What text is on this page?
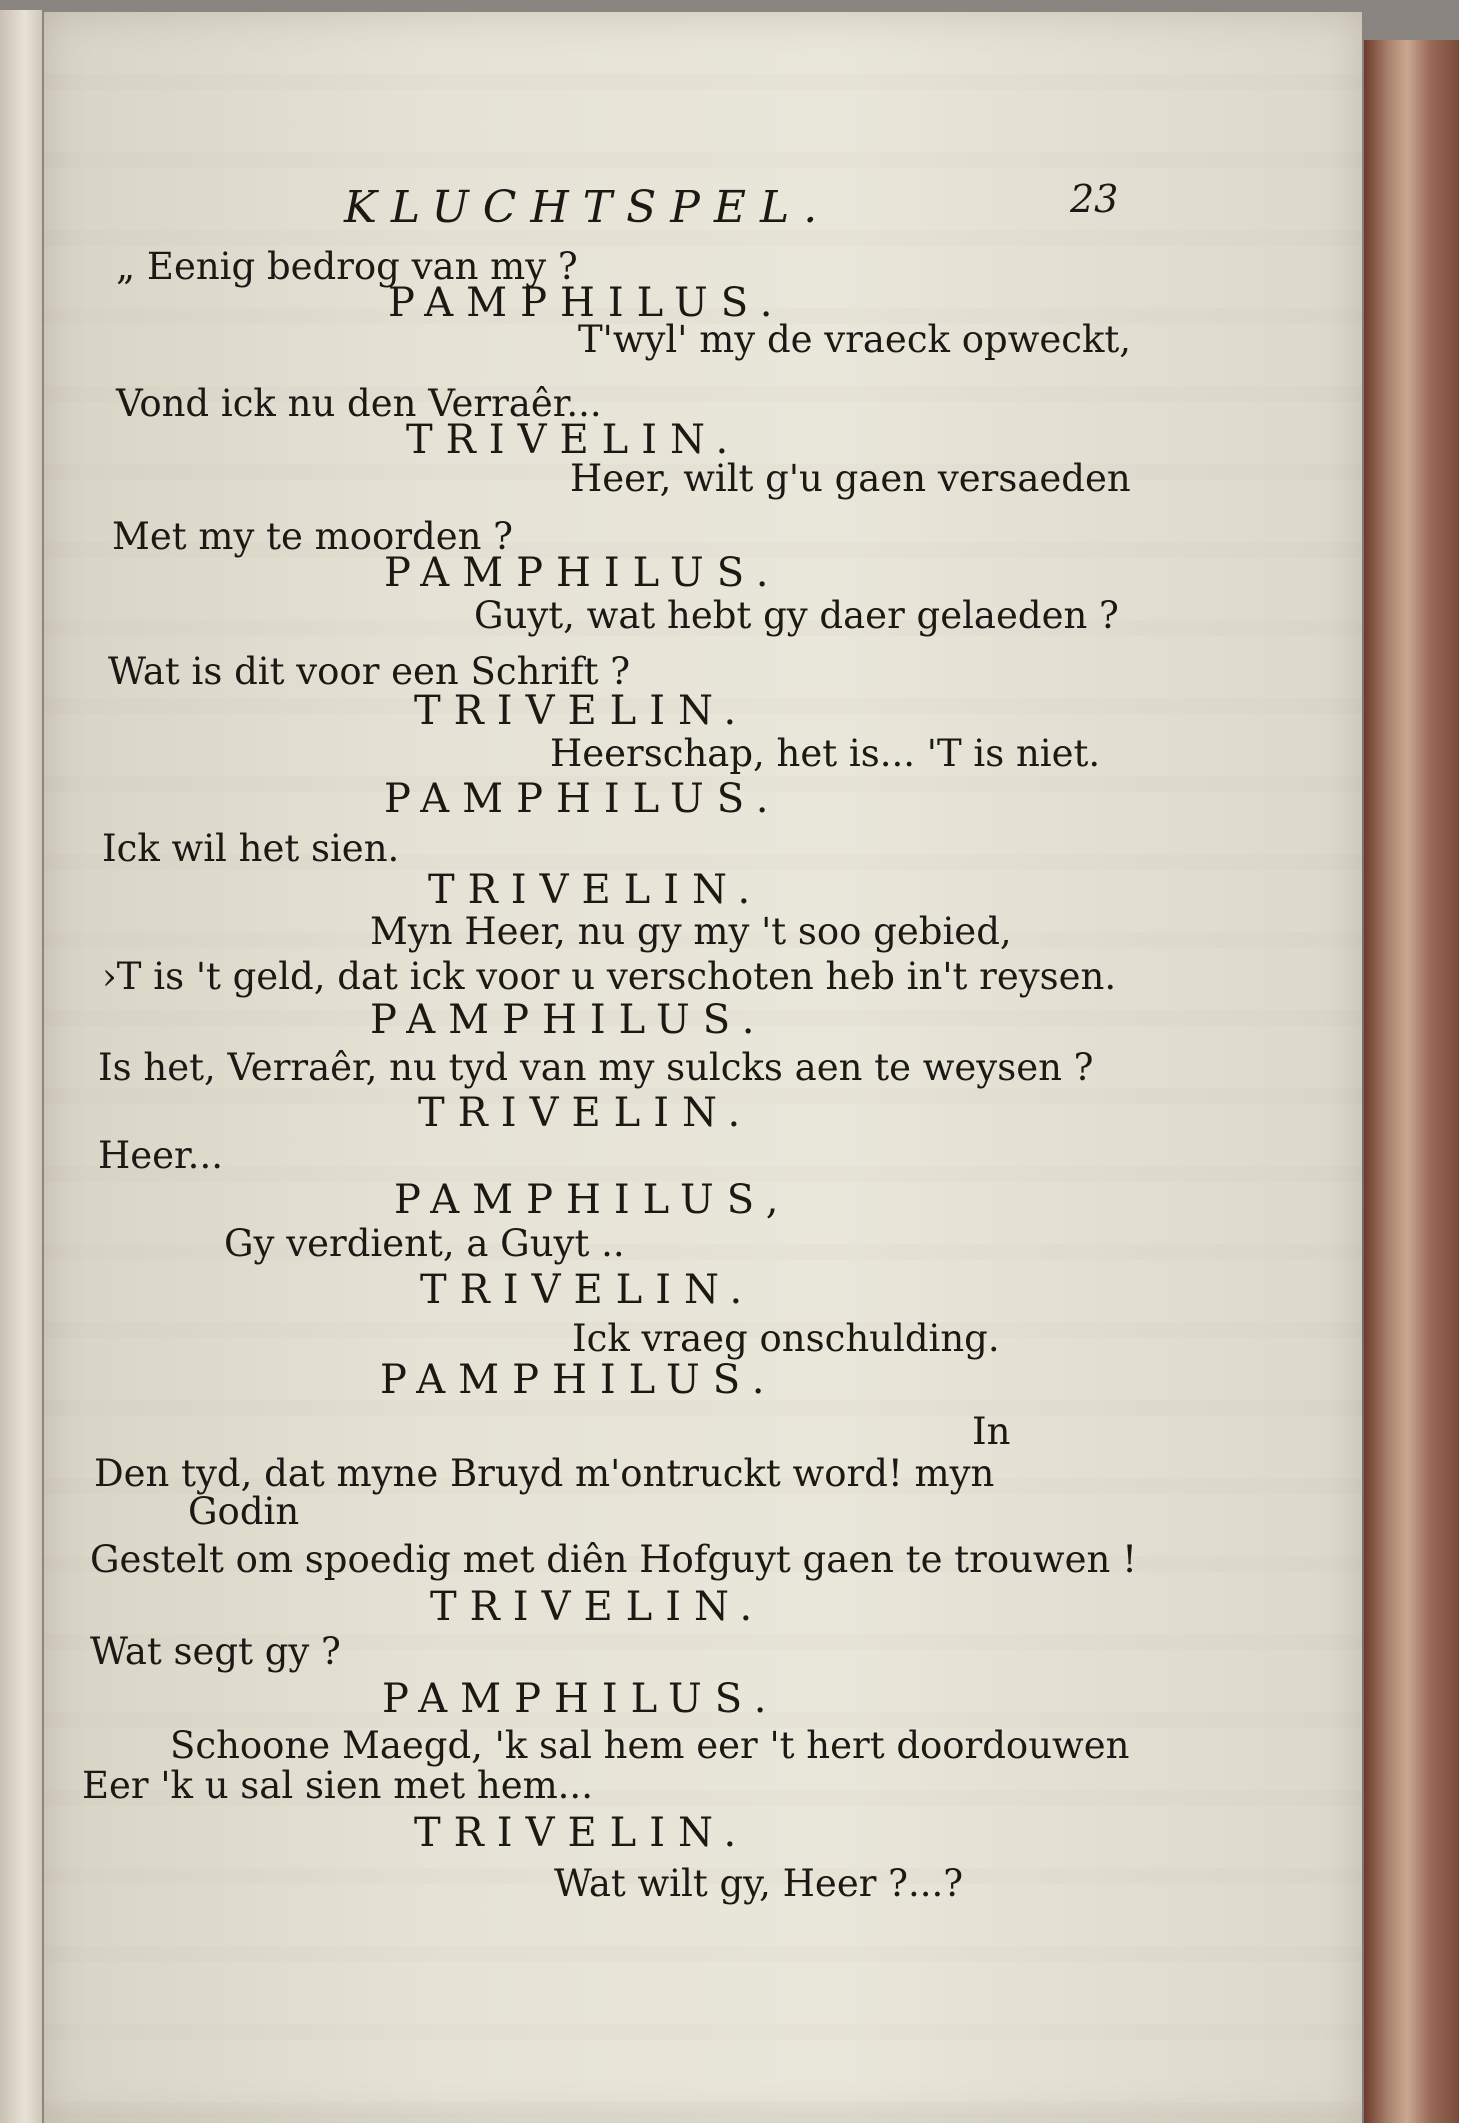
KLUCHTSPEL.	23
„ Eenig bedrog van my ?
PAMPHILUS.
T'wyl' my de vraeck opweckt,
Vond ick nu den Verraêr...
TRIVELIN.
Heer, wilt g'u gaen versaeden
Met my te moorden ?
PAMPHILUS.
Guyt, wat hebt gy daer gelaeden ?
Wat is dit voor een Schrift ?
TRIVELIN.
Heerschap, het is... 'T is niet.
PAMPHILUS.
Ick wil het sien.
TRIVELIN.
Myn Heer, nu gy my 't soo gebied,
›T is 't geld, dat ick voor u verschoten heb in't reysen.
PAMPHILUS.
Is het, Verraêr, nu tyd van my sulcks aen te weysen ?
TRIVELIN.
Heer...
PAMPHILUS,
Gy verdient, a Guyt ..
TRIVELIN.
Ick vraeg onschulding.
PAMPHILUS.
In
Den tyd, dat myne Bruyd m'ontruckt word! myn
Godin
Gestelt om spoedig met diên Hofguyt gaen te trouwen !
TRIVELIN.
Wat segt gy ?
PAMPHILUS.
Schoone Maegd, 'k sal hem eer 't hert doordouwen
Eer 'k u sal sien met hem...
TRIVELIN.
Wat wilt gy, Heer ?...?
